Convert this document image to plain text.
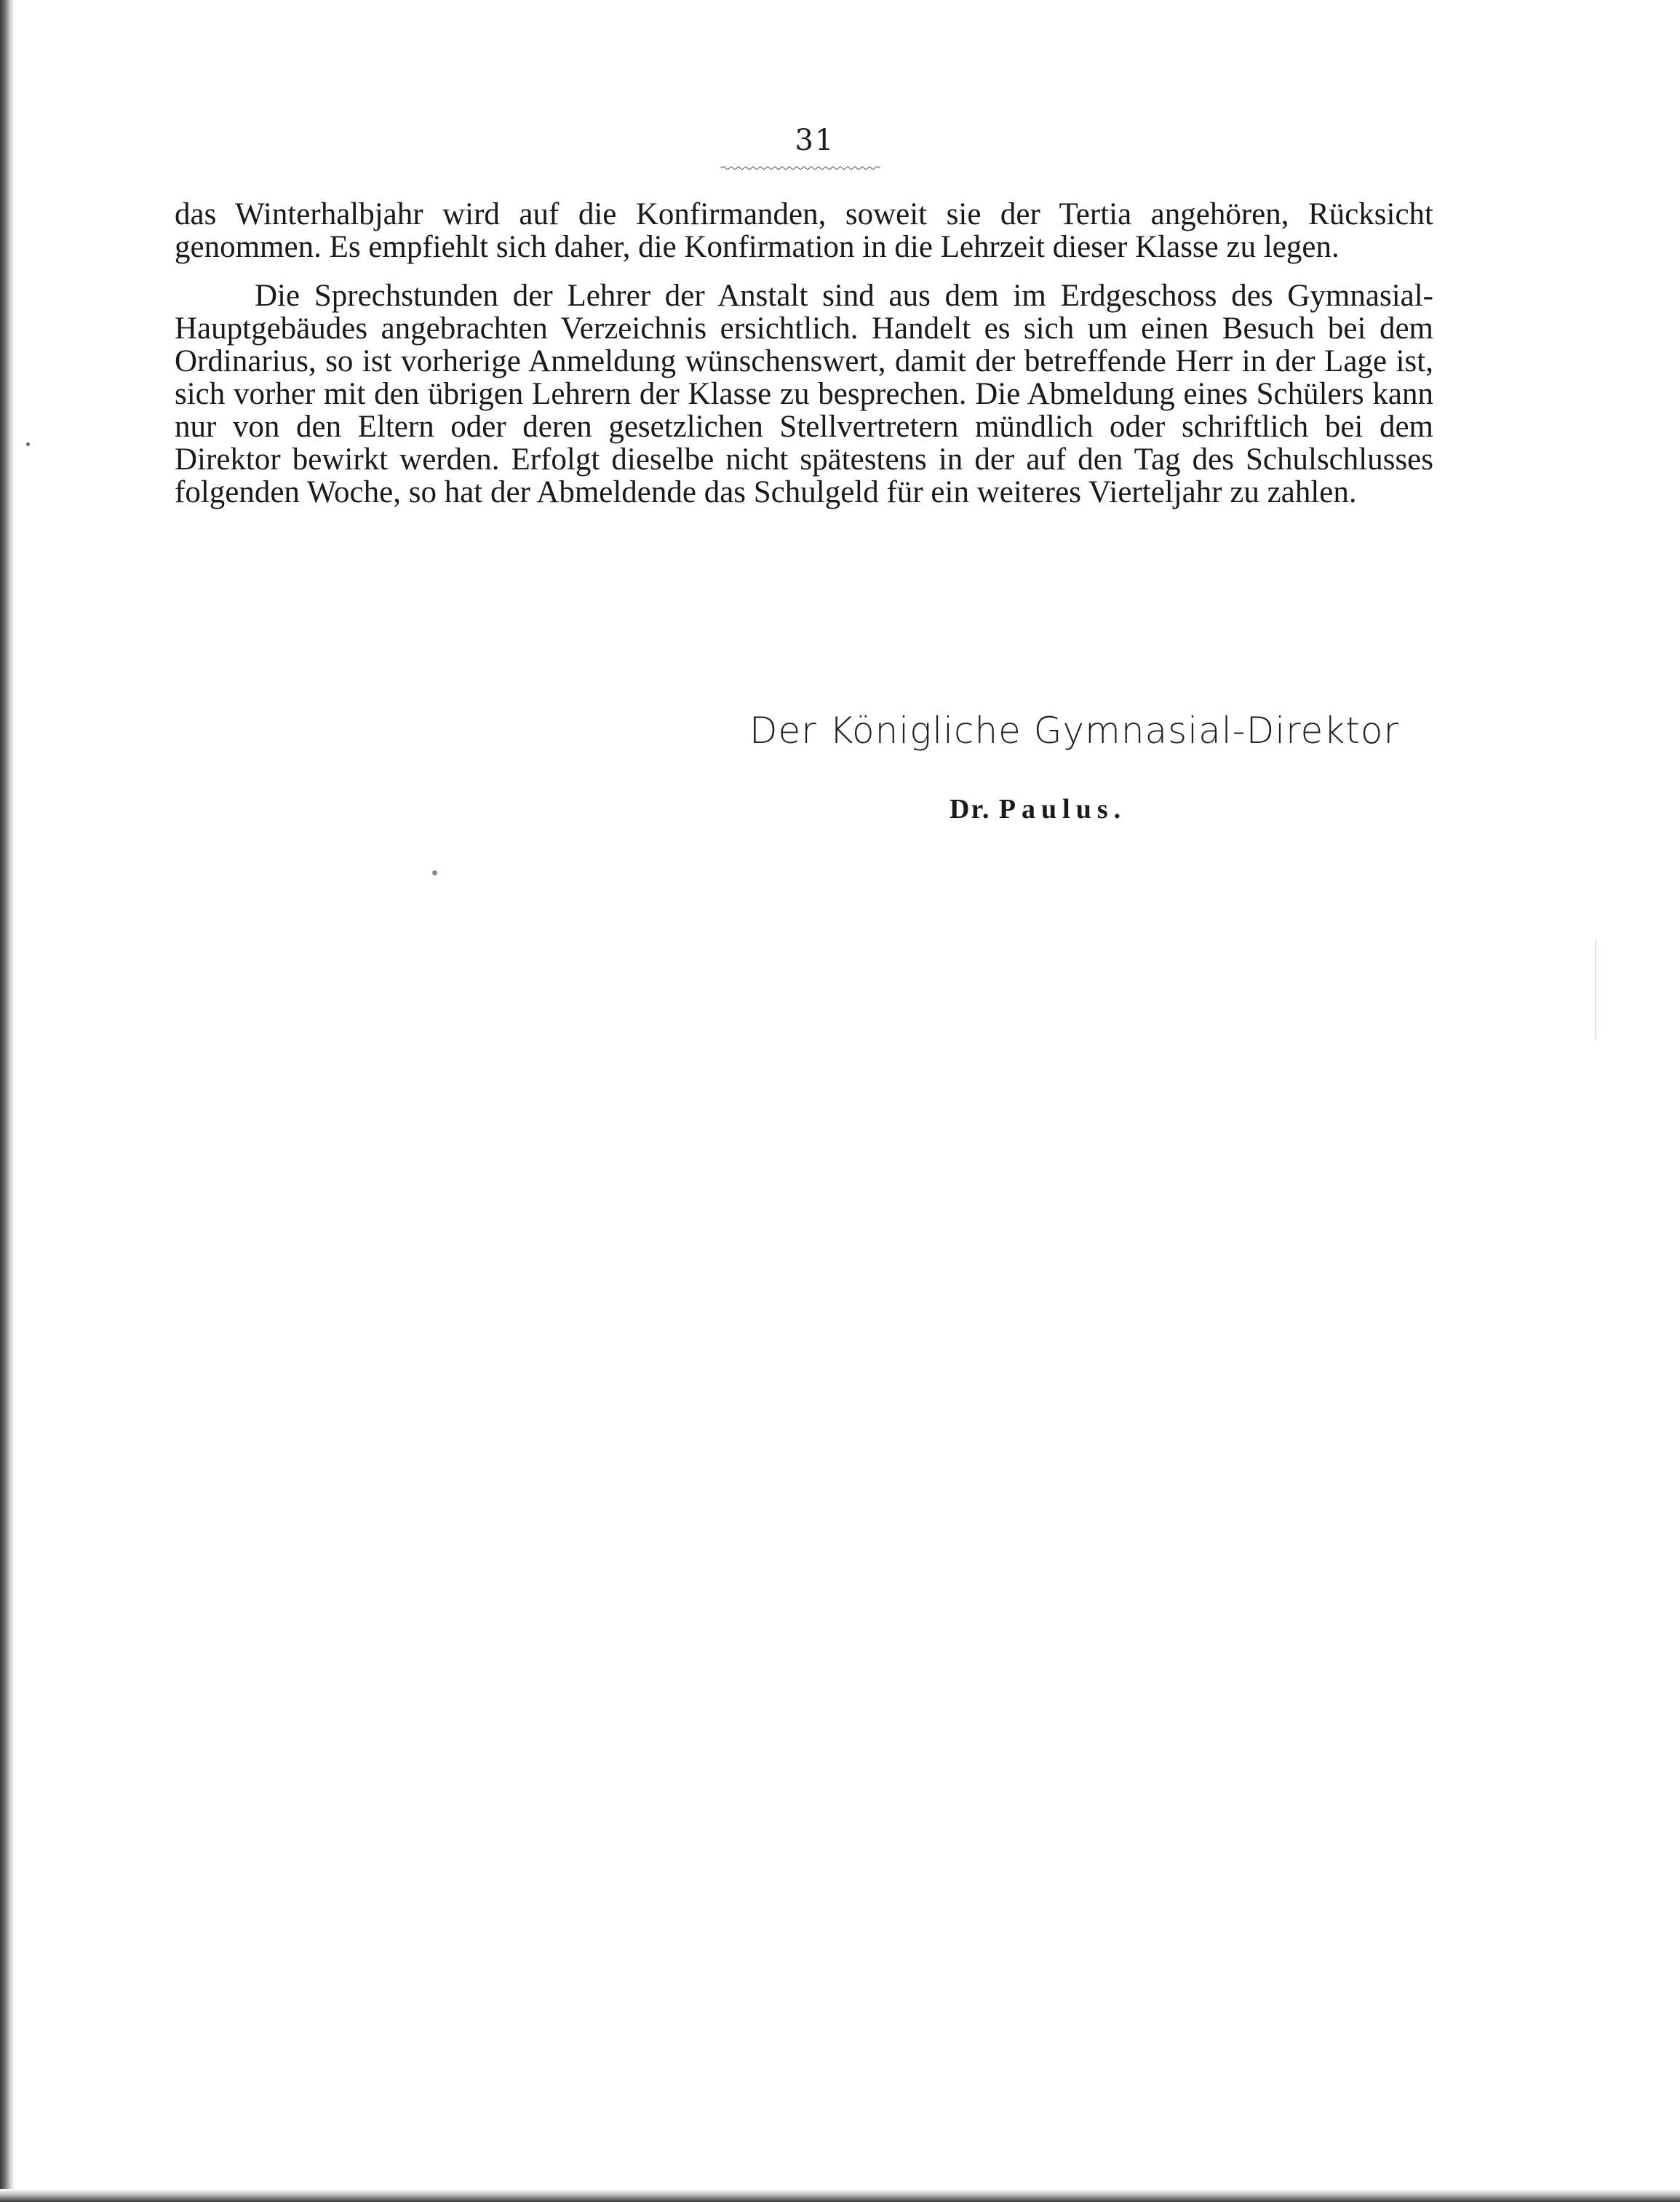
31

das Winterhalbjahr wird auf die Konfirmanden, soweit sie der Tertia angehören, Rücksicht genommen. Es empfiehlt sich daher, die Konfirmation in die Lehrzeit dieser Klasse zu legen.

Die Sprechstunden der Lehrer der Anstalt sind aus dem im Erdgeschoss des Gymnasial-Hauptgebäudes angebrachten Verzeichnis ersichtlich. Handelt es sich um einen Besuch bei dem Ordinarius, so ist vorherige Anmeldung wünschenswert, damit der betreffende Herr in der Lage ist, sich vorher mit den übrigen Lehrern der Klasse zu besprechen. Die Abmeldung eines Schülers kann nur von den Eltern oder deren gesetzlichen Stellvertretern mündlich oder schriftlich bei dem Direktor bewirkt werden. Erfolgt dieselbe nicht spätestens in der auf den Tag des Schulschlusses folgenden Woche, so hat der Abmeldende das Schulgeld für ein weiteres Vierteljahr zu zahlen.

Der Königliche Gymnasial-Direktor
Dr. Paulus.
